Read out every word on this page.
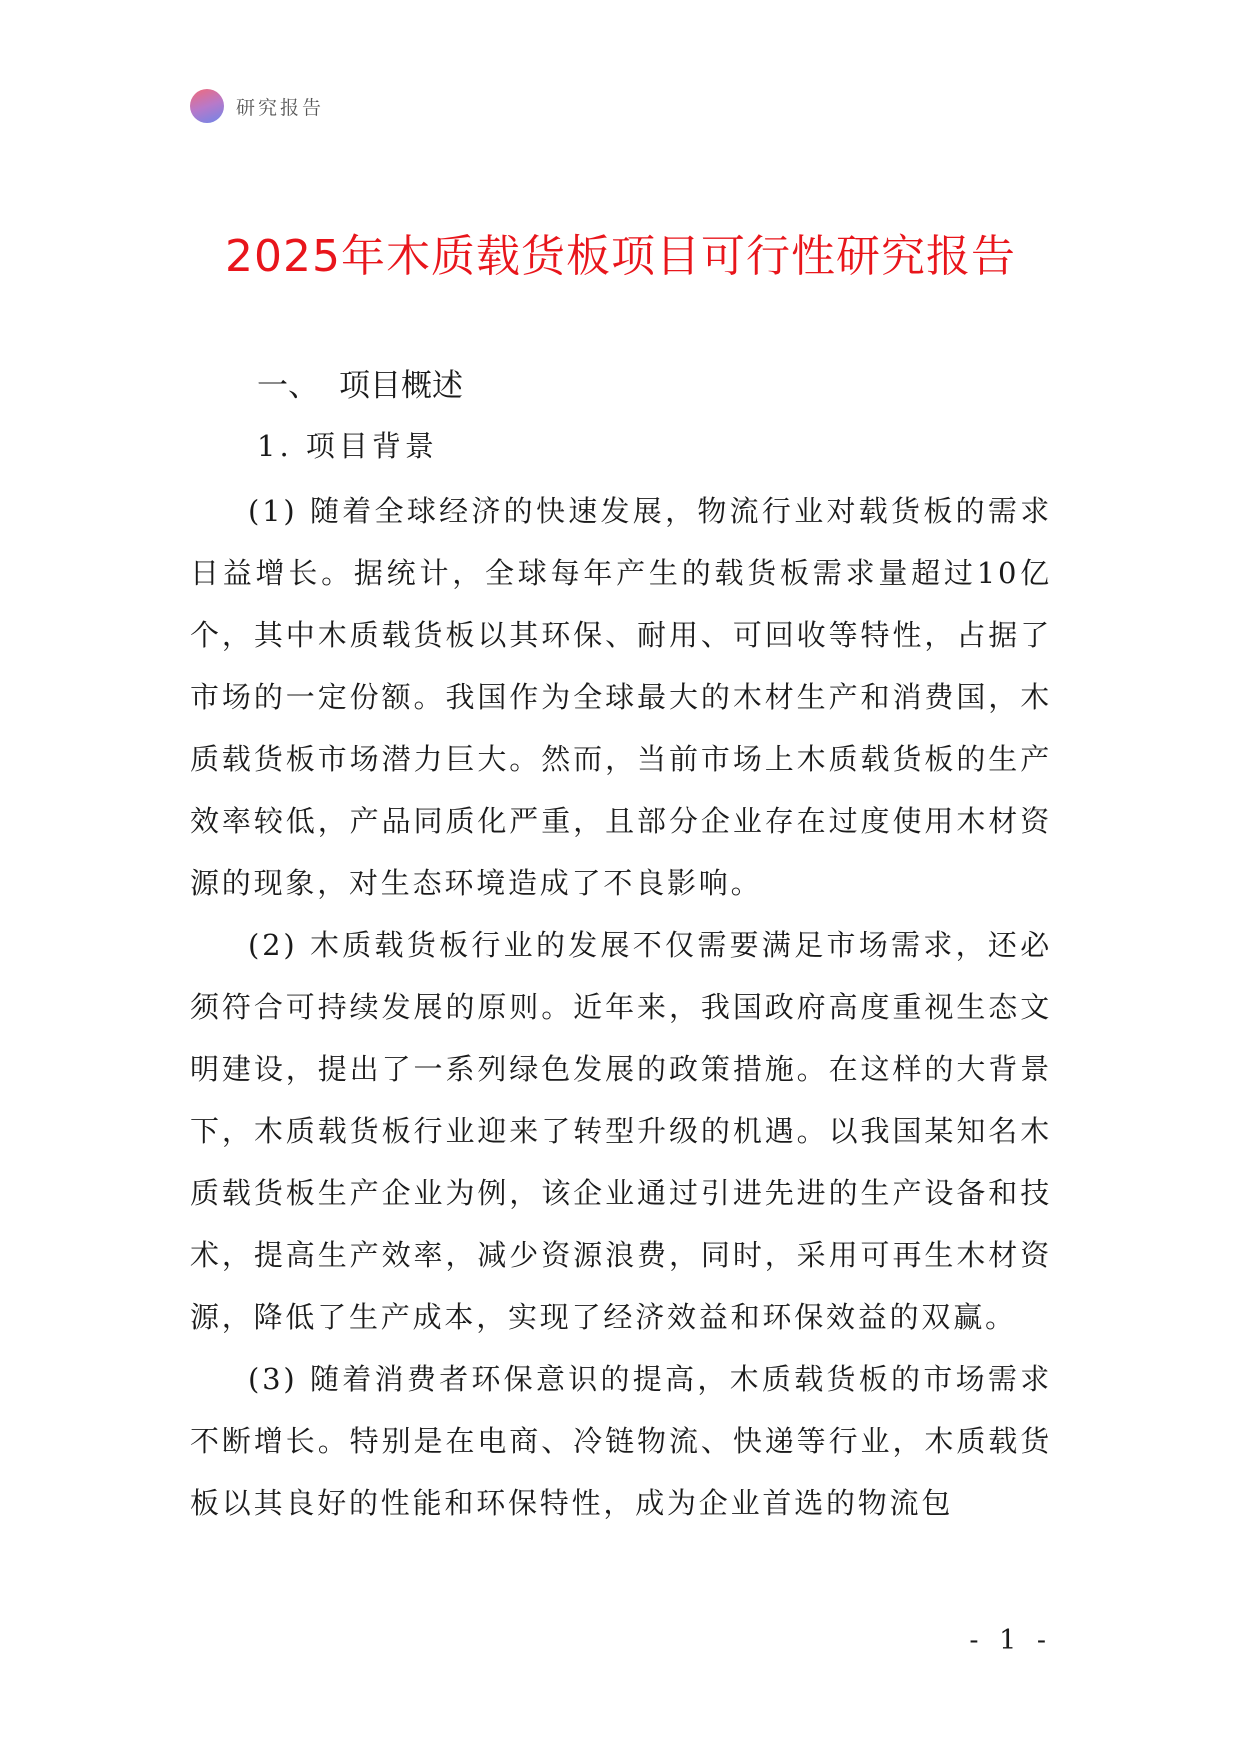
研究报告
2025年木质载货板项目可行性研究报告
一、 项目概述
1. 项目背景

(1) 随着全球经济的快速发展，物流行业对载货板的需求日益增长。据统计，全球每年产生的载货板需求量超过10亿个，其中木质载货板以其环保、耐用、可回收等特性，占据了市场的一定份额。我国作为全球最大的木材生产和消费国，木质载货板市场潜力巨大。然而，当前市场上木质载货板的生产效率较低，产品同质化严重，且部分企业存在过度使用木材资源的现象，对生态环境造成了不良影响。

(2) 木质载货板行业的发展不仅需要满足市场需求，还必须符合可持续发展的原则。近年来，我国政府高度重视生态文明建设，提出了一系列绿色发展的政策措施。在这样的大背景下，木质载货板行业迎来了转型升级的机遇。以我国某知名木质载货板生产企业为例，该企业通过引进先进的生产设备和技术，提高生产效率，减少资源浪费，同时，采用可再生木材资源，降低了生产成本，实现了经济效益和环保效益的双赢。

(3) 随着消费者环保意识的提高，木质载货板的市场需求不断增长。特别是在电商、冷链物流、快递等行业，木质载货板以其良好的性能和环保特性，成为企业首选的物流包

- 1 -
